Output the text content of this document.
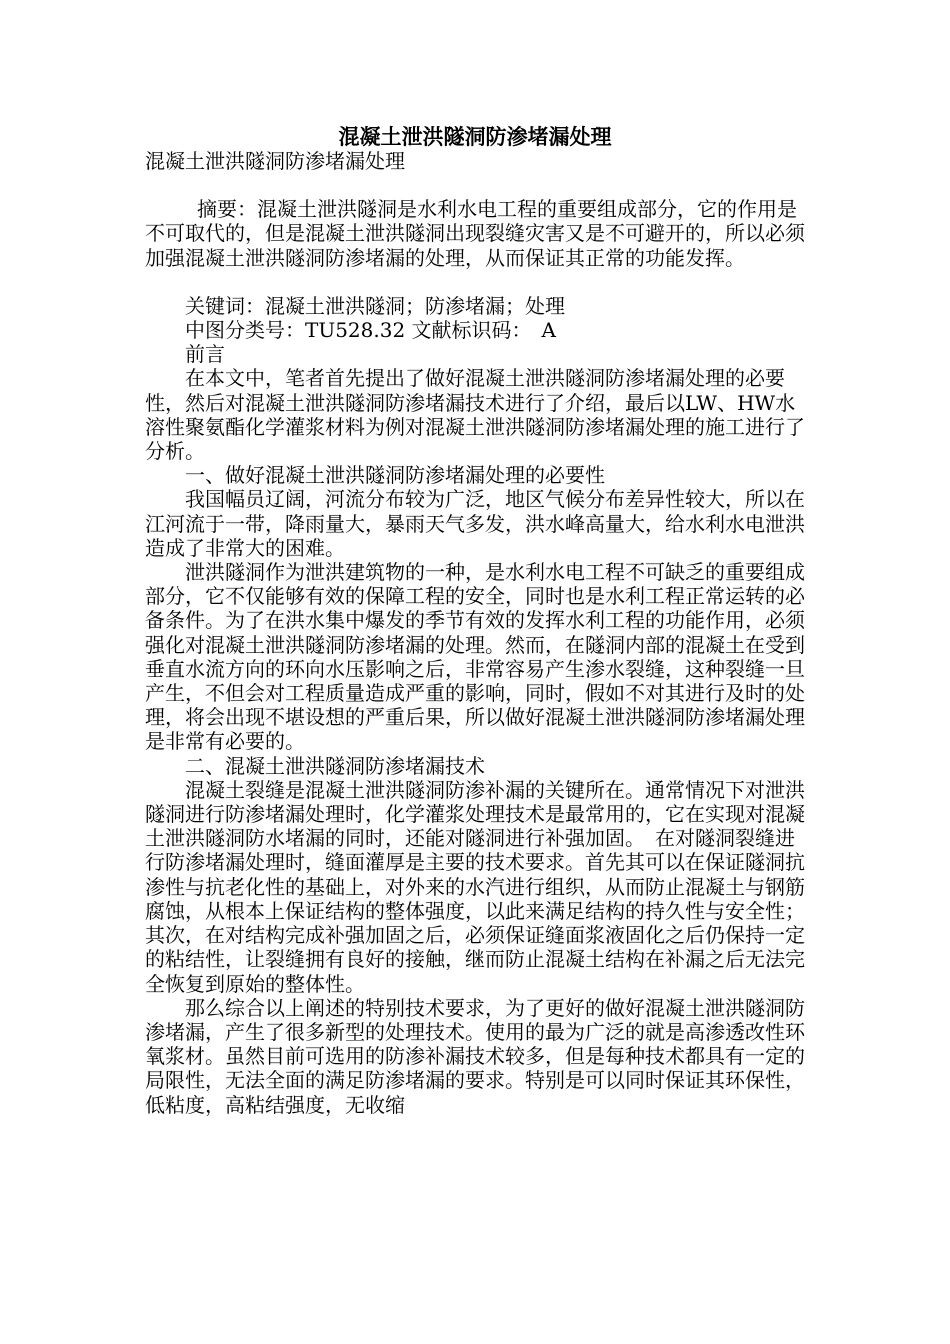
混凝土泄洪隧洞防渗堵漏处理

混凝土泄洪隧洞防渗堵漏处理

摘要：混凝土泄洪隧洞是水利水电工程的重要组成部分，它的作用是不可取代的，但是混凝土泄洪隧洞出现裂缝灾害又是不可避开的，所以必须加强混凝土泄洪隧洞防渗堵漏的处理，从而保证其正常的功能发挥。

关键词：混凝土泄洪隧洞；防渗堵漏；处理

中图分类号：TU528.32 文献标识码：　A

前言

在本文中，笔者首先提出了做好混凝土泄洪隧洞防渗堵漏处理的必要性，然后对混凝土泄洪隧洞防渗堵漏技术进行了介绍，最后以LW、HW水溶性聚氨酯化学灌浆材料为例对混凝土泄洪隧洞防渗堵漏处理的施工进行了分析。

一、做好混凝土泄洪隧洞防渗堵漏处理的必要性

我国幅员辽阔，河流分布较为广泛，地区气候分布差异性较大，所以在江河流于一带，降雨量大，暴雨天气多发，洪水峰高量大，给水利水电泄洪造成了非常大的困难。

泄洪隧洞作为泄洪建筑物的一种，是水利水电工程不可缺乏的重要组成部分，它不仅能够有效的保障工程的安全，同时也是水利工程正常运转的必备条件。为了在洪水集中爆发的季节有效的发挥水利工程的功能作用，必须强化对混凝土泄洪隧洞防渗堵漏的处理。然而，在隧洞内部的混凝土在受到垂直水流方向的环向水压影响之后，非常容易产生渗水裂缝，这种裂缝一旦产生，不但会对工程质量造成严重的影响，同时，假如不对其进行及时的处理，将会出现不堪设想的严重后果，所以做好混凝土泄洪隧洞防渗堵漏处理是非常有必要的。

二、混凝土泄洪隧洞防渗堵漏技术

混凝土裂缝是混凝土泄洪隧洞防渗补漏的关键所在。通常情况下对泄洪隧洞进行防渗堵漏处理时，化学灌浆处理技术是最常用的，它在实现对混凝土泄洪隧洞防水堵漏的同时，还能对隧洞进行补强加固。　在对隧洞裂缝进行防渗堵漏处理时，缝面灌厚是主要的技术要求。首先其可以在保证隧洞抗渗性与抗老化性的基础上，对外来的水汽进行组织，从而防止混凝土与钢筋腐蚀，从根本上保证结构的整体强度，以此来满足结构的持久性与安全性；其次，在对结构完成补强加固之后，必须保证缝面浆液固化之后仍保持一定的粘结性，让裂缝拥有良好的接触，继而防止混凝土结构在补漏之后无法完全恢复到原始的整体性。

那么综合以上阐述的特别技术要求，为了更好的做好混凝土泄洪隧洞防渗堵漏，产生了很多新型的处理技术。使用的最为广泛的就是高渗透改性环氧浆材。虽然目前可选用的防渗补漏技术较多，但是每种技术都具有一定的局限性，无法全面的满足防渗堵漏的要求。特别是可以同时保证其环保性，低粘度，高粘结强度，无收缩
